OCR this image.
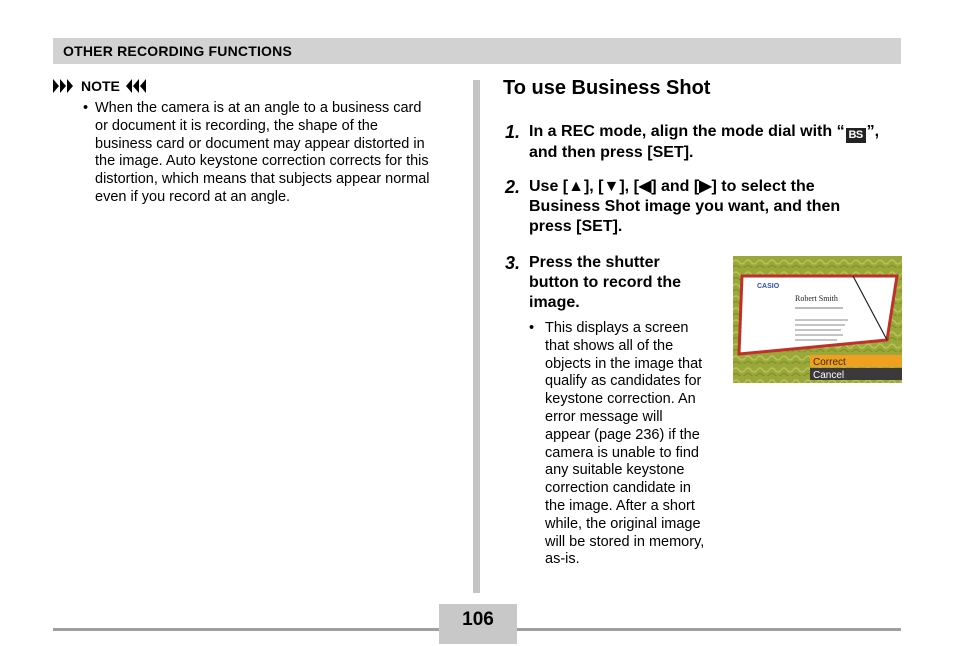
OTHER RECORDING FUNCTIONS
NOTE
• When the camera is at an angle to a business card
or document it is recording, the shape of the
business card or document may appear distorted in
the image. Auto keystone correction corrects for this
distortion, which means that subjects appear normal
even if you record at an angle.
To use Business Shot
1. In a REC mode, align the mode dial with “ BS ”,
and then press [SET].
2. Use [▲], [▼], [◀] and [▶] to select the
Business Shot image you want, and then
press [SET].
3. Press the shutter
button to record the
image.
• This displays a screen
that shows all of the
objects in the image that
qualify as candidates for
keystone correction. An
error message will
appear (page 236) if the
camera is unable to find
any suitable keystone
correction candidate in
the image. After a short
while, the original image
will be stored in memory,
as-is.
CASIO
Robert Smith
Correct
Cancel
106
